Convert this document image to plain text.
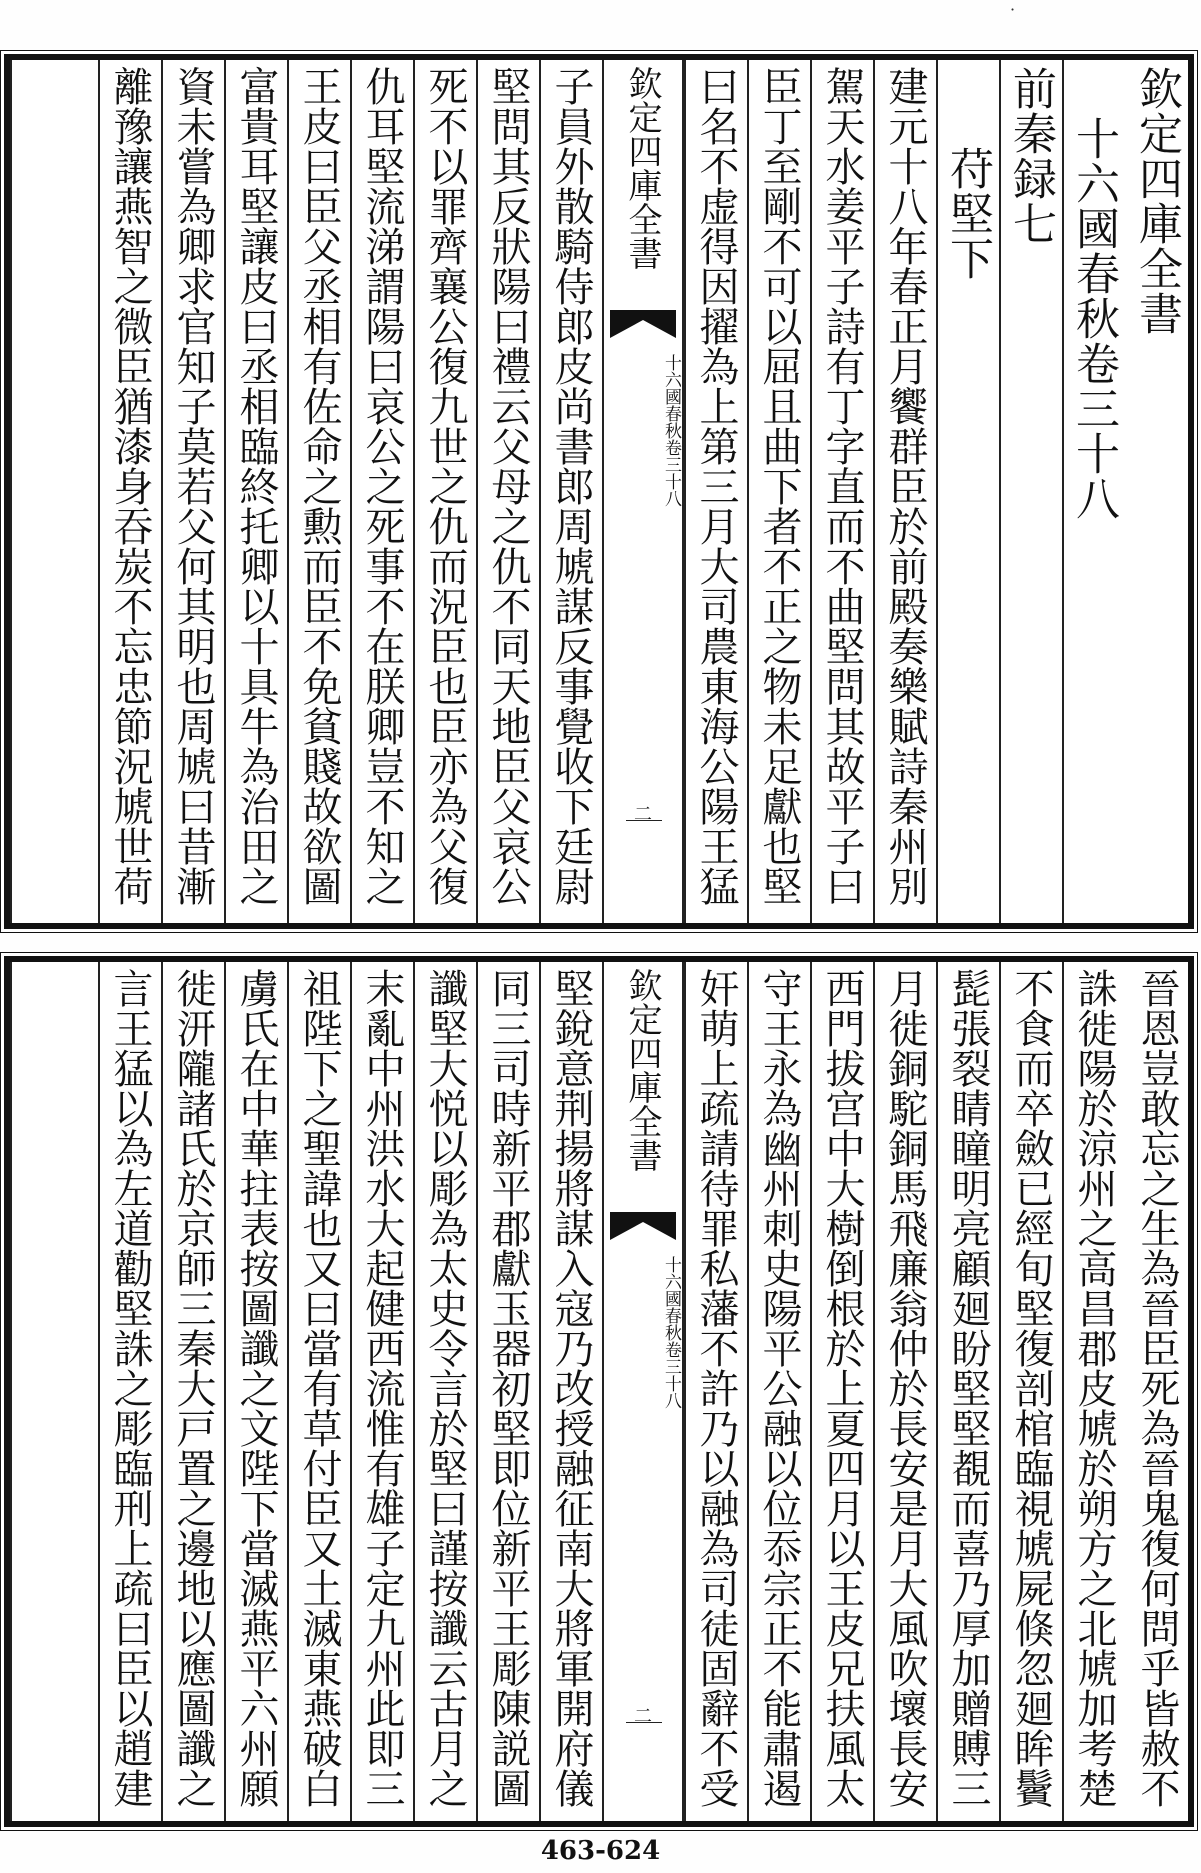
欽定四庫全書
十六國春秋卷三十八
前秦録七
苻堅下
建元十八年春正月饗群臣於前殿奏樂賦詩秦州別
駕天水姜平子詩有丁字直而不曲堅問其故平子曰
臣丁至剛不可以屈且曲下者不正之物未足獻也堅
曰名不虚得因擢為上第三月大司農東海公陽王猛
欽定四庫全書
十六國春秋
卷三十八
二
子員外散騎侍郎皮尚書郎周虓謀反事覺收下廷尉
堅問其反狀陽曰禮云父母之仇不同天地臣父哀公
死不以罪齊襄公復九世之仇而況臣也臣亦為父復
仇耳堅流涕謂陽曰哀公之死事不在朕卿豈不知之
王皮曰臣父丞相有佐命之勲而臣不免貧賤故欲圖
富貴耳堅讓皮曰丞相臨終托卿以十具牛為治田之
資未嘗為卿求官知子莫若父何其明也周虓曰昔漸
離豫讓燕智之微臣猶漆身吞炭不忘忠節況虓世荷
晉恩豈敢忘之生為晉臣死為晉鬼復何問乎皆赦不
誅徙陽於涼州之高昌郡皮虓於朔方之北虓加考楚
不食而卒斂已經旬堅復剖棺臨視虓屍倏忽廻眸鬢
髭張裂睛瞳明亮顧廻盼堅堅覩而喜乃厚加贈賻三
月徙銅駝銅馬飛廉翁仲於長安是月大風吹壞長安
西門拔宫中大樹倒根於上夏四月以王皮兄扶風太
守王永為幽州刺史陽平公融以位忝宗正不能肅遏
奸萌上疏請待罪私藩不許乃以融為司徒固辭不受
欽定四庫全書
十六國春秋
卷三十八
二
堅銳意荆揚將謀入寇乃改授融征南大將軍開府儀
同三司時新平郡獻玉器初堅即位新平王彫陳説圖
讖堅大悦以彫為太史令言於堅曰謹按讖云古月之
末亂中州洪水大起健西流惟有雄子定九州此即三
祖陛下之聖諱也又曰當有草付臣又土滅東燕破白
虜氏在中華拄表按圖讖之文陛下當滅燕平六州願
徙汧隴諸氏於京師三秦大戸置之邊地以應圖讖之
言王猛以為左道勸堅誅之彫臨刑上疏曰臣以趙建
·
463-624
